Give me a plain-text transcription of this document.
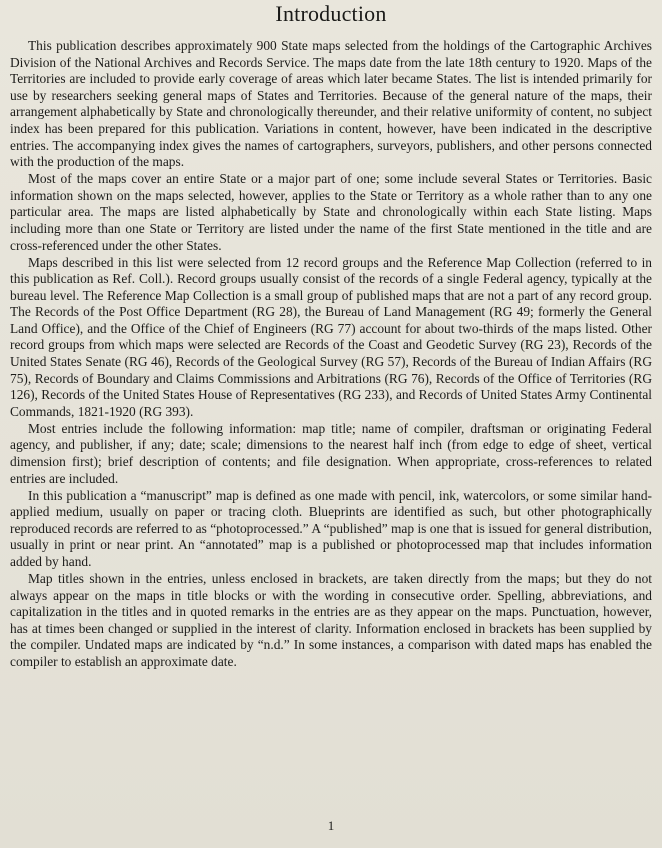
Introduction

This publication describes approximately 900 State maps selected from the holdings of the Cartographic Archives Division of the National Archives and Records Service. The maps date from the late 18th century to 1920. Maps of the Territories are included to provide early coverage of areas which later became States. The list is intended primarily for use by researchers seeking general maps of States and Territories. Because of the general nature of the maps, their arrangement alphabetically by State and chronologically thereunder, and their relative uniformity of content, no subject index has been prepared for this publication. Variations in content, however, have been indicated in the descriptive entries. The accompanying index gives the names of cartographers, surveyors, publishers, and other persons connected with the production of the maps.

Most of the maps cover an entire State or a major part of one; some include several States or Territories. Basic information shown on the maps selected, however, applies to the State or Territory as a whole rather than to any one particular area. The maps are listed alphabetically by State and chronologically within each State listing. Maps including more than one State or Territory are listed under the name of the first State mentioned in the title and are cross-referenced under the other States.

Maps described in this list were selected from 12 record groups and the Reference Map Collection (referred to in this publication as Ref. Coll.). Record groups usually consist of the records of a single Federal agency, typically at the bureau level. The Reference Map Collection is a small group of published maps that are not a part of any record group. The Records of the Post Office Department (RG 28), the Bureau of Land Management (RG 49; formerly the General Land Office), and the Office of the Chief of Engineers (RG 77) account for about two-thirds of the maps listed. Other record groups from which maps were selected are Records of the Coast and Geodetic Survey (RG 23), Records of the United States Senate (RG 46), Records of the Geological Survey (RG 57), Records of the Bureau of Indian Affairs (RG 75), Records of Boundary and Claims Commissions and Arbitrations (RG 76), Records of the Office of Territories (RG 126), Records of the United States House of Representatives (RG 233), and Records of United States Army Continental Commands, 1821-1920 (RG 393).

Most entries include the following information: map title; name of compiler, draftsman or originating Federal agency, and publisher, if any; date; scale; dimensions to the nearest half inch (from edge to edge of sheet, vertical dimension first); brief description of contents; and file designation. When appropriate, cross-references to related entries are included.

In this publication a “manuscript” map is defined as one made with pencil, ink, watercolors, or some similar hand-applied medium, usually on paper or tracing cloth. Blueprints are identified as such, but other photographically reproduced records are referred to as “photoprocessed.” A “published” map is one that is issued for general distribution, usually in print or near print. An “annotated” map is a published or photoprocessed map that includes information added by hand.

Map titles shown in the entries, unless enclosed in brackets, are taken directly from the maps; but they do not always appear on the maps in title blocks or with the wording in consecutive order. Spelling, abbreviations, and capitalization in the titles and in quoted remarks in the entries are as they appear on the maps. Punctuation, however, has at times been changed or supplied in the interest of clarity. Information enclosed in brackets has been supplied by the compiler. Undated maps are indicated by “n.d.” In some instances, a comparison with dated maps has enabled the compiler to establish an approximate date.

1
